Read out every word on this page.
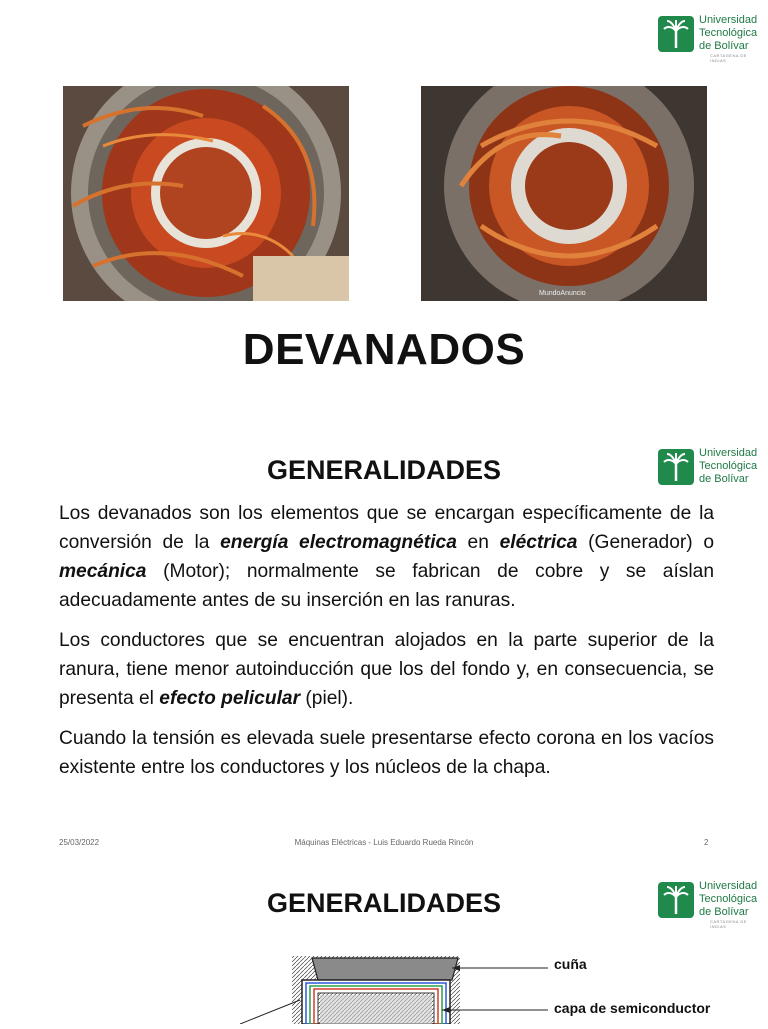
Universidad
Tecnológica
de Bolívar
CARTAGENA DE INDIAS
MundoAnuncio
DEVANADOS
GENERALIDADES
Universidad
Tecnológica
de Bolívar

Los devanados son los elementos que se encargan específicamente de la conversión de la energía electromagnética en eléctrica (Generador) o mecánica (Motor); normalmente se fabrican de cobre y se aíslan adecuadamente antes de su inserción en las ranuras.

Los conductores que se encuentran alojados en la parte superior de la ranura, tiene menor autoinducción que los del fondo y, en consecuencia, se presenta el efecto pelicular (piel).

Cuando la tensión es elevada suele presentarse efecto corona en los vacíos existente entre los conductores y los núcleos de la chapa.

25/03/2022	Máquinas Eléctricas - Luis Eduardo Rueda Rincón	2
GENERALIDADES
Universidad
Tecnológica
de Bolívar
CARTAGENA DE INDIAS
cuña
capa de semiconductor
